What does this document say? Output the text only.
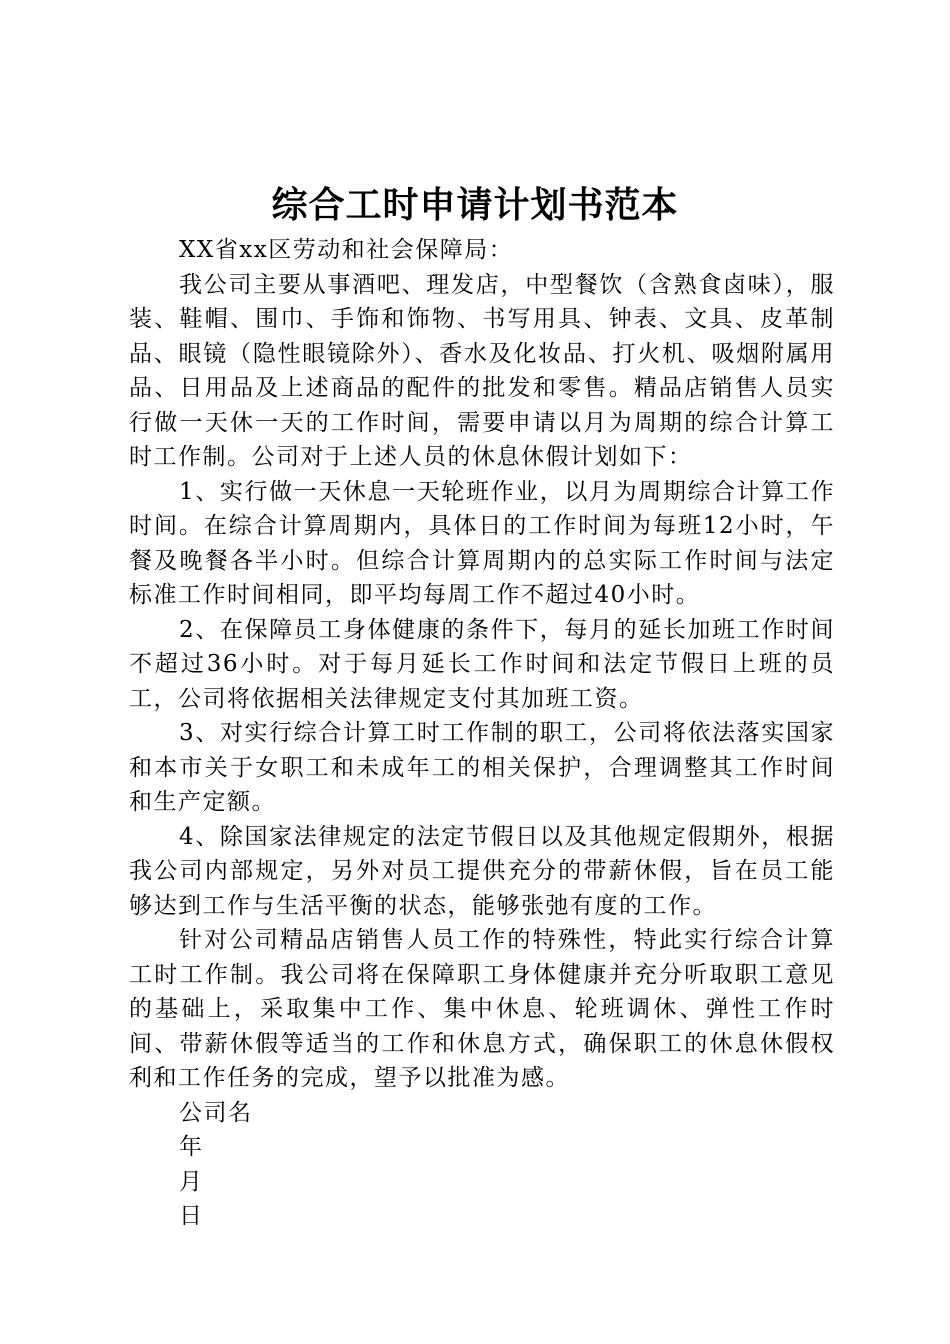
综合工时申请计划书范本

XX省xx区劳动和社会保障局：

我公司主要从事酒吧、理发店，中型餐饮（含熟食卤味），服装、鞋帽、围巾、手饰和饰物、书写用具、钟表、文具、皮革制品、眼镜（隐性眼镜除外）、香水及化妆品、打火机、吸烟附属用品、日用品及上述商品的配件的批发和零售。精品店销售人员实行做一天休一天的工作时间，需要申请以月为周期的综合计算工时工作制。公司对于上述人员的休息休假计划如下：

1、实行做一天休息一天轮班作业，以月为周期综合计算工作时间。在综合计算周期内，具体日的工作时间为每班12小时，午餐及晚餐各半小时。但综合计算周期内的总实际工作时间与法定标准工作时间相同，即平均每周工作不超过40小时。

2、在保障员工身体健康的条件下，每月的延长加班工作时间不超过36小时。对于每月延长工作时间和法定节假日上班的员工，公司将依据相关法律规定支付其加班工资。

3、对实行综合计算工时工作制的职工，公司将依法落实国家和本市关于女职工和未成年工的相关保护，合理调整其工作时间和生产定额。

4、除国家法律规定的法定节假日以及其他规定假期外，根据我公司内部规定，另外对员工提供充分的带薪休假，旨在员工能够达到工作与生活平衡的状态，能够张弛有度的工作。

针对公司精品店销售人员工作的特殊性，特此实行综合计算工时工作制。我公司将在保障职工身体健康并充分听取职工意见的基础上，采取集中工作、集中休息、轮班调休、弹性工作时间、带薪休假等适当的工作和休息方式，确保职工的休息休假权利和工作任务的完成，望予以批准为感。

公司名

年

月

日
